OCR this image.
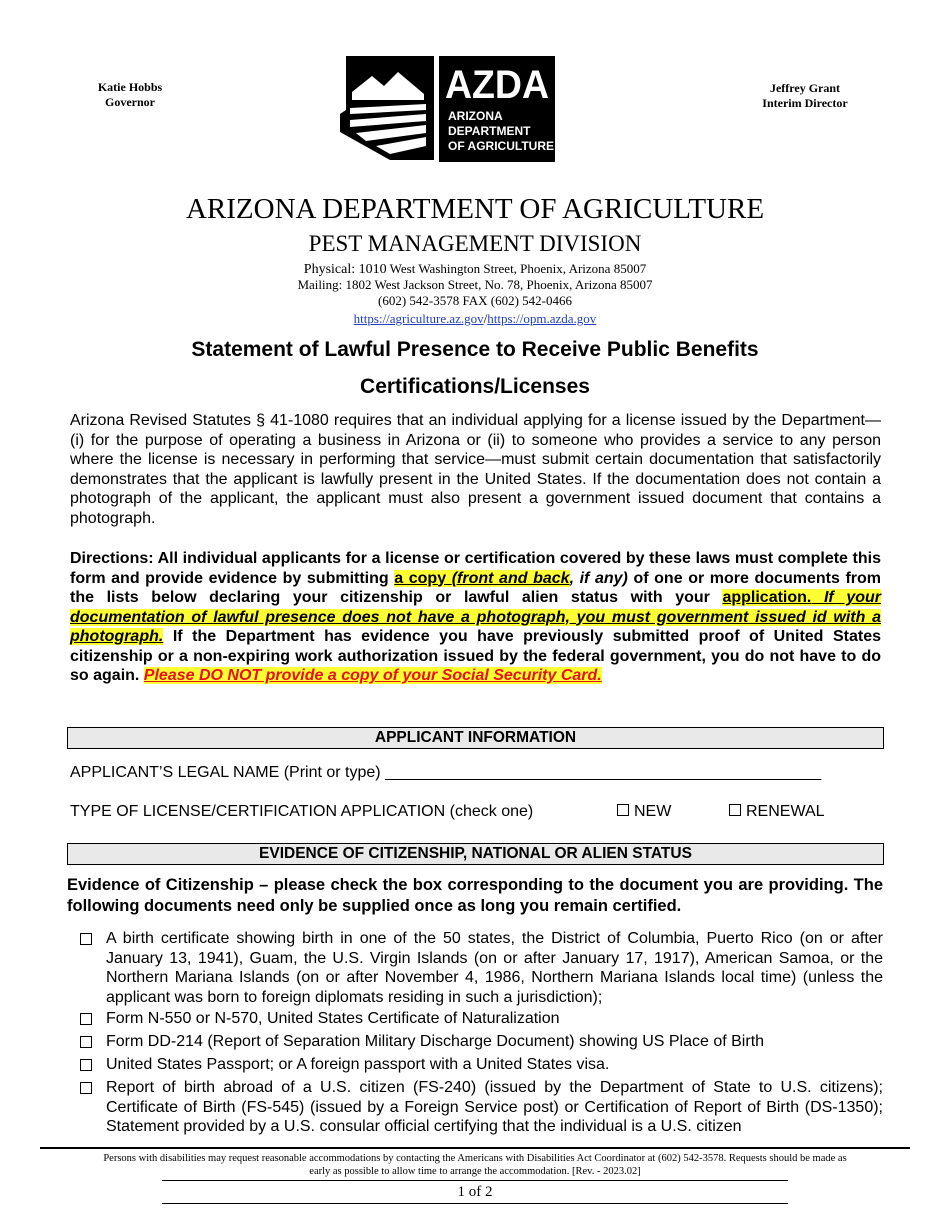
Katie Hobbs
Governor
Jeffrey Grant
Interim Director
AZDA
ARIZONA
DEPARTMENT
OF AGRICULTURE
ARIZONA DEPARTMENT OF AGRICULTURE
PEST MANAGEMENT DIVISION
Physical: 1010 West Washington Street, Phoenix, Arizona 85007
Mailing: 1802 West Jackson Street, No. 78, Phoenix, Arizona 85007
(602) 542-3578 FAX (602) 542-0466
https://agriculture.az.gov/https://opm.azda.gov
Statement of Lawful Presence to Receive Public Benefits
Certifications/Licenses
Arizona Revised Statutes § 41-1080 requires that an individual applying for a license issued by the Department—(i) for the purpose of operating a business in Arizona or (ii) to someone who provides a service to any person where the license is necessary in performing that service—must submit certain documentation that satisfactorily demonstrates that the applicant is lawfully present in the United States. If the documentation does not contain a photograph of the applicant, the applicant must also present a government issued document that contains a photograph.
Directions: All individual applicants for a license or certification covered by these laws must complete this form and provide evidence by submitting a copy (front and back, if any) of one or more documents from the lists below declaring your citizenship or lawful alien status with your application. If your documentation of lawful presence does not have a photograph, you must government issued id with a photograph. If the Department has evidence you have previously submitted proof of United States citizenship or a non-expiring work authorization issued by the federal government, you do not have to do so again. Please DO NOT provide a copy of your Social Security Card.
APPLICANT INFORMATION
APPLICANT’S LEGAL NAME (Print or type) _________________________________________________
TYPE OF LICENSE/CERTIFICATION APPLICATION (check one)	NEW	RENEWAL
EVIDENCE OF CITIZENSHIP, NATIONAL OR ALIEN STATUS
Evidence of Citizenship – please check the box corresponding to the document you are providing. The following documents need only be supplied once as long you remain certified.
A birth certificate showing birth in one of the 50 states, the District of Columbia, Puerto Rico (on or after January 13, 1941), Guam, the U.S. Virgin Islands (on or after January 17, 1917), American Samoa, or the Northern Mariana Islands (on or after November 4, 1986, Northern Mariana Islands local time) (unless the applicant was born to foreign diplomats residing in such a jurisdiction);
Form N-550 or N-570, United States Certificate of Naturalization
Form DD-214 (Report of Separation Military Discharge Document) showing US Place of Birth
United States Passport; or A foreign passport with a United States visa.
Report of birth abroad of a U.S. citizen (FS-240) (issued by the Department of State to U.S. citizens); Certificate of Birth (FS-545) (issued by a Foreign Service post) or Certification of Report of Birth (DS-1350); Statement provided by a U.S. consular official certifying that the individual is a U.S. citizen
Persons with disabilities may request reasonable accommodations by contacting the Americans with Disabilities Act Coordinator at (602) 542-3578. Requests should be made as early as possible to allow time to arrange the accommodation. [Rev. - 2023.02]
1 of 2
